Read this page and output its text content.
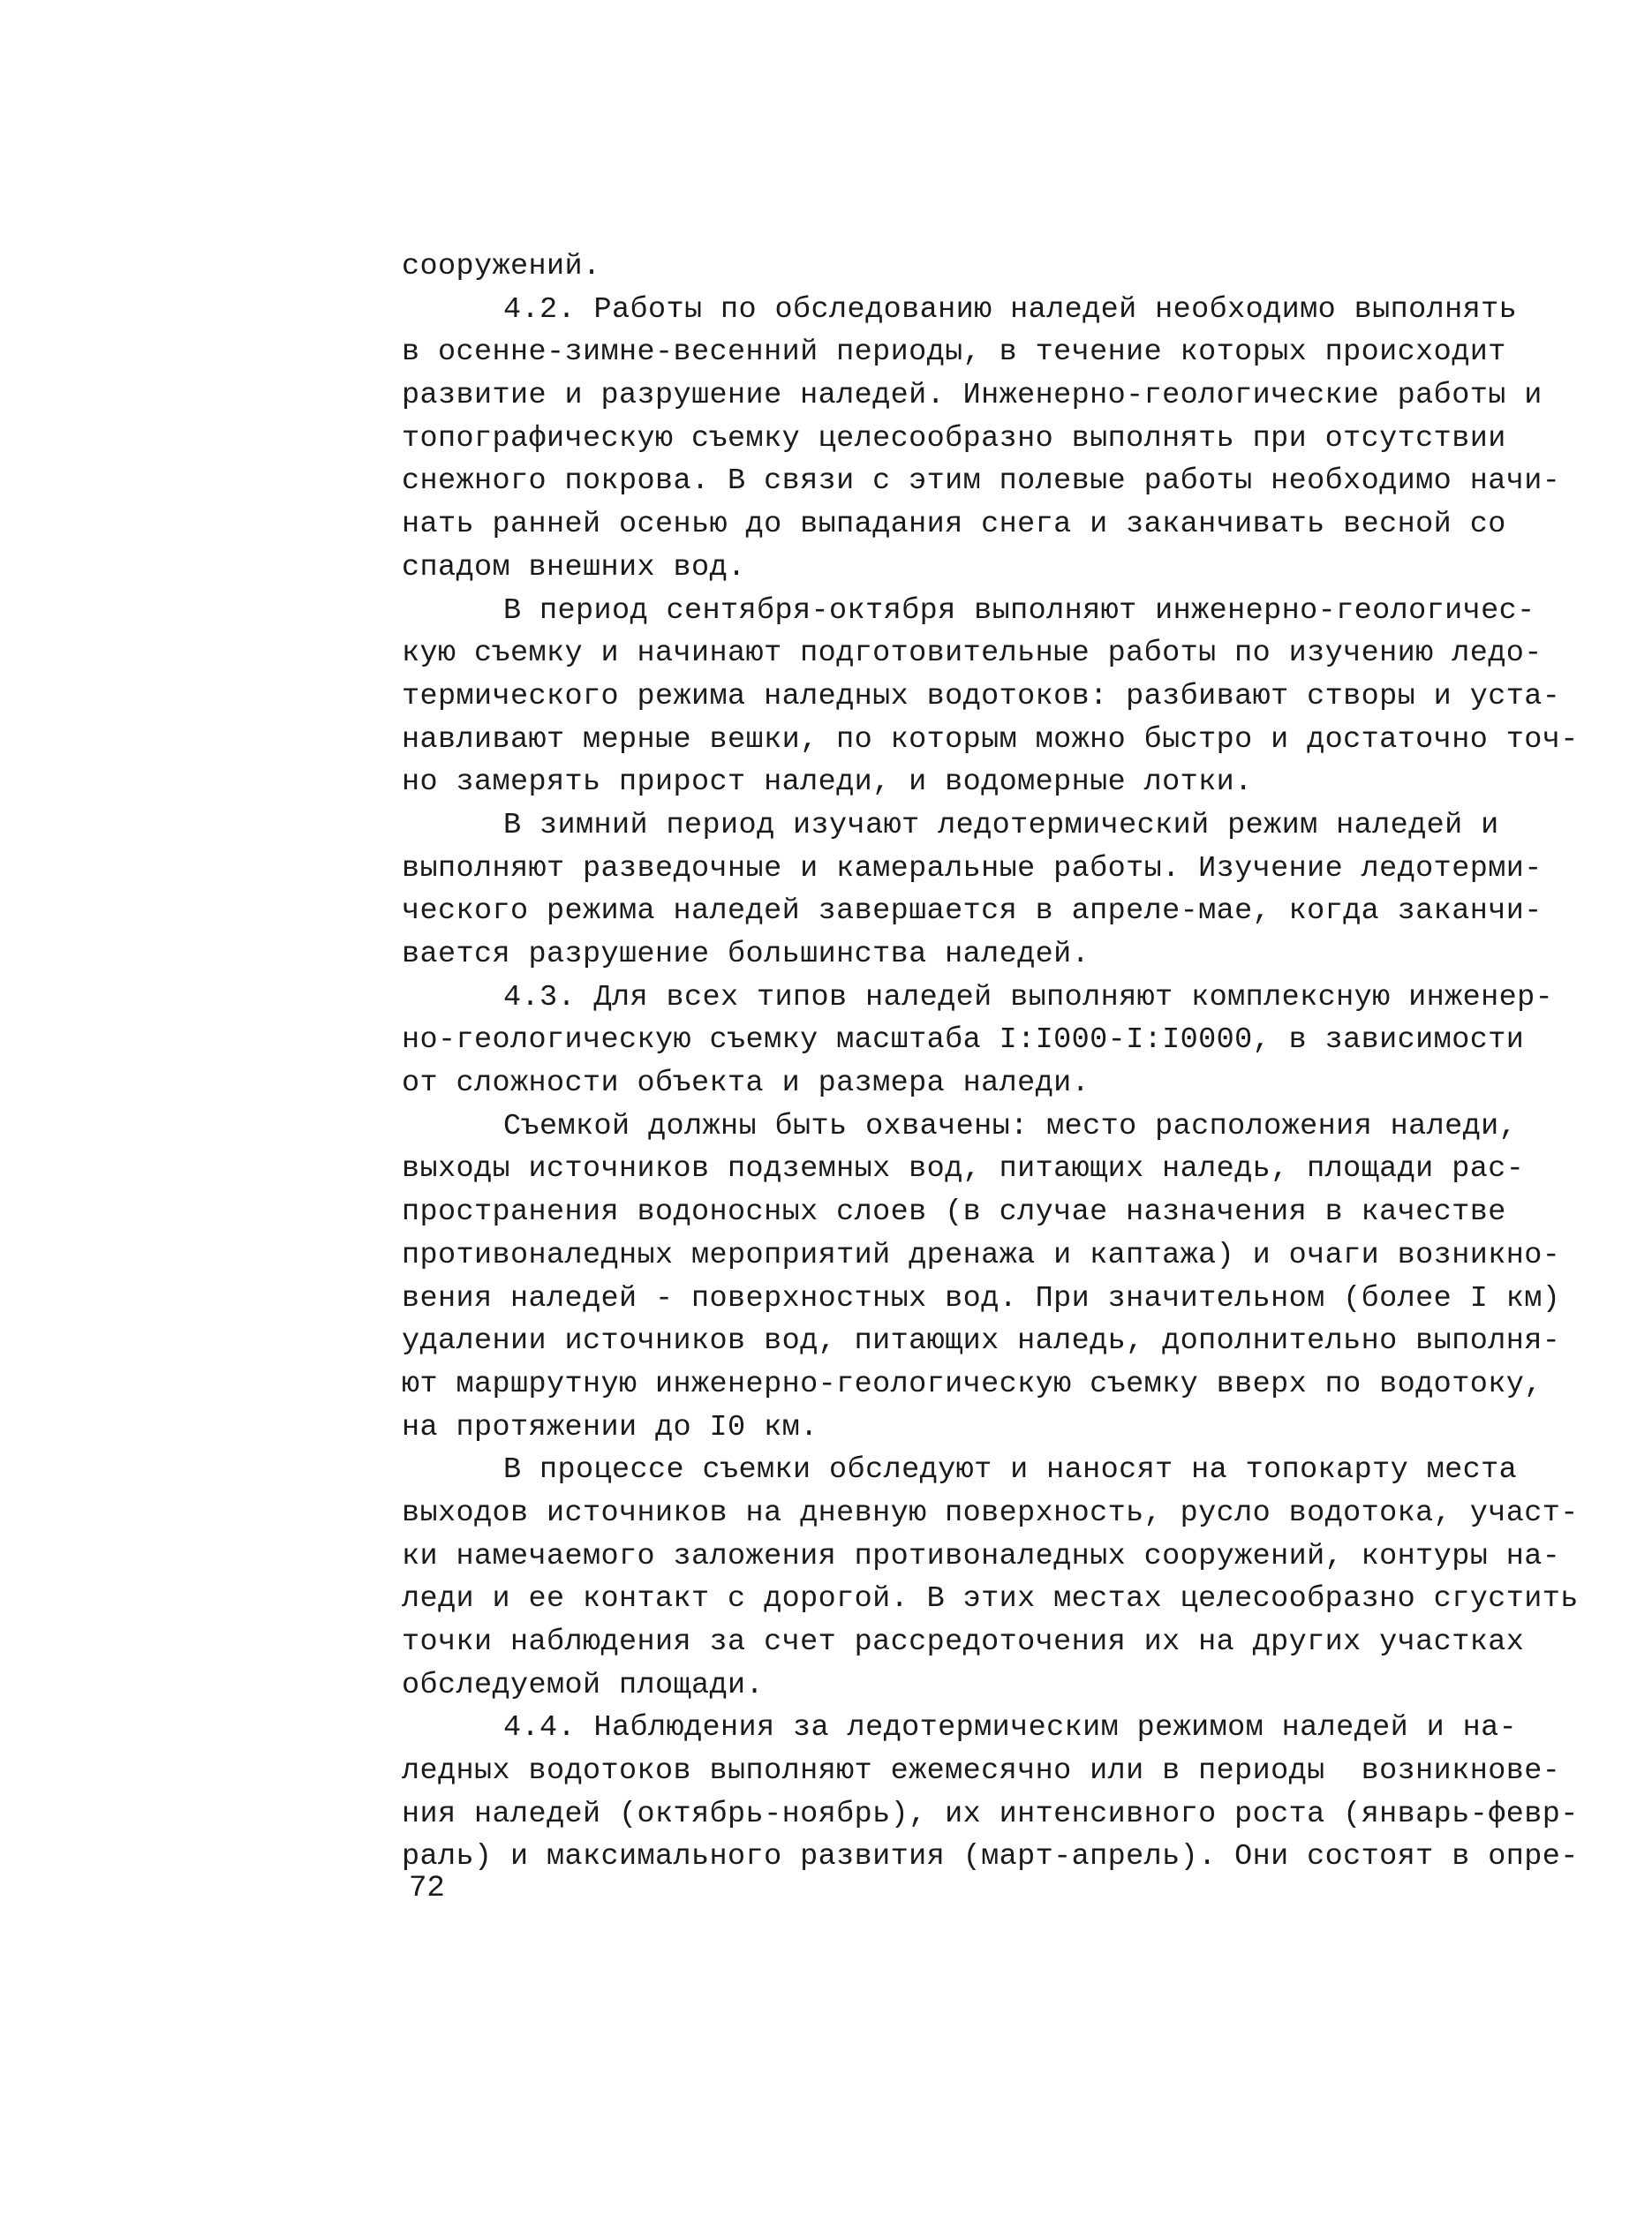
сооружений.
4.2. Работы по обследованию наледей необходимо выполнять
в осенне-зимне-весенний периоды, в течение которых происходит
развитие и разрушение наледей. Инженерно-геологические работы и
топографическую съемку целесообразно выполнять при отсутствии
снежного покрова. В связи с этим полевые работы необходимо начи-
нать ранней осенью до выпадания снега и заканчивать весной со
спадом внешних вод.
В период сентября-октября выполняют инженерно-геологичес-
кую съемку и начинают подготовительные работы по изучению ледо-
термического режима наледных водотоков: разбивают створы и уста-
навливают мерные вешки, по которым можно быстро и достаточно точ-
но замерять прирост наледи, и водомерные лотки.
В зимний период изучают ледотермический режим наледей и
выполняют разведочные и камеральные работы. Изучение ледотерми-
ческого режима наледей завершается в апреле-мае, когда заканчи-
вается разрушение большинства наледей.
4.3. Для всех типов наледей выполняют комплексную инженер-
но-геологическую съемку масштаба I:I000-I:I0000, в зависимости
от сложности объекта и размера наледи.
Съемкой должны быть охвачены: место расположения наледи,
выходы источников подземных вод, питающих наледь, площади рас-
пространения водоносных слоев (в случае назначения в качестве
противоналедных мероприятий дренажа и каптажа) и очаги возникно-
вения наледей - поверхностных вод. При значительном (более I км)
удалении источников вод, питающих наледь, дополнительно выполня-
ют маршрутную инженерно-геологическую съемку вверх по водотоку,
на протяжении до I0 км.
В процессе съемки обследуют и наносят на топокарту места
выходов источников на дневную поверхность, русло водотока, участ-
ки намечаемого заложения противоналедных сооружений, контуры на-
леди и ее контакт с дорогой. В этих местах целесообразно сгустить
точки наблюдения за счет рассредоточения их на других участках
обследуемой площади.
4.4. Наблюдения за ледотермическим режимом наледей и на-
ледных водотоков выполняют ежемесячно или в периоды  возникнове-
ния наледей (октябрь-ноябрь), их интенсивного роста (январь-февр-
раль) и максимального развития (март-апрель). Они состоят в опре-
72
